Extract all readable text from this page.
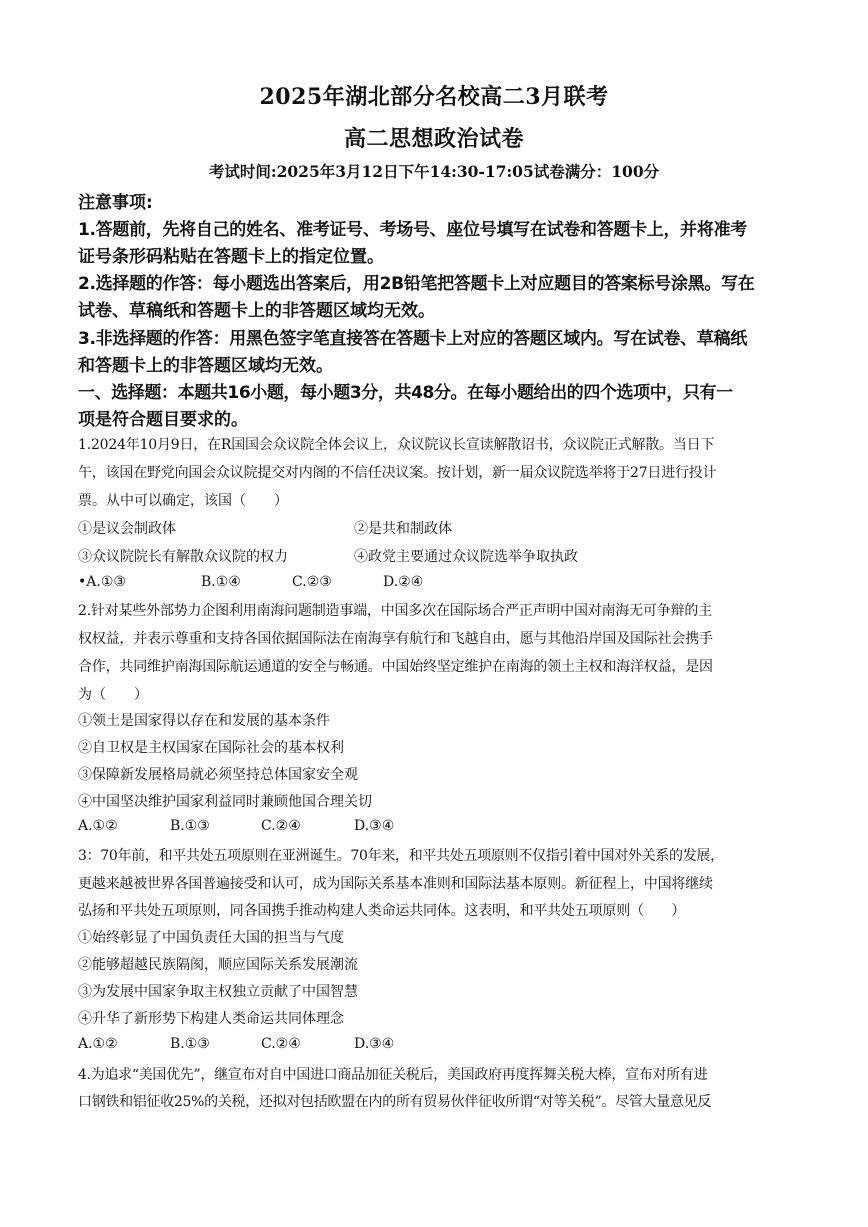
2025年湖北部分名校高二3月联考
高二思想政治试卷
考试时间:2025年3月12日下午14:30-17:05试卷满分：100分
注意事项:
1.答题前，先将自己的姓名、准考证号、考场号、座位号填写在试卷和答题卡上，并将准考
证号条形码粘贴在答题卡上的指定位置。
2.选择题的作答：每小题选出答案后，用2B铅笔把答题卡上对应题目的答案标号涂黑。写在
试卷、草稿纸和答题卡上的非答题区域均无效。
3.非选择题的作答：用黑色签字笔直接答在答题卡上对应的答题区域内。写在试卷、草稿纸
和答题卡上的非答题区域均无效。
一、选择题：本题共16小题，每小题3分，共48分。在每小题给出的四个选项中，只有一
项是符合题目要求的。
1.2024年10月9日，在R国国会众议院全体会议上，众议院议长宣读解散诏书，众议院正式解散。当日下
午，该国在野党向国会众议院提交对内阁的不信任决议案。按计划，新一届众议院选举将于27日进行投计
票。从中可以确定，该国（　　）
①是议会制政体	②是共和制政体
③众议院院长有解散众议院的权力	④政党主要通过众议院选举争取执政
•A.①③	B.①④	C.②③	D.②④
2.针对某些外部势力企图利用南海问题制造事端，中国多次在国际场合严正声明中国对南海无可争辩的主
权权益，并表示尊重和支持各国依据国际法在南海享有航行和飞越自由，愿与其他沿岸国及国际社会携手
合作，共同维护南海国际航运通道的安全与畅通。中国始终坚定维护在南海的领土主权和海洋权益，是因
为（　　）
①领土是国家得以存在和发展的基本条件
②自卫权是主权国家在国际社会的基本权利
③保障新发展格局就必须坚持总体国家安全观
④中国坚决维护国家利益同时兼顾他国合理关切
A.①②	B.①③	C.②④	D.③④
3：70年前，和平共处五项原则在亚洲诞生。70年来，和平共处五项原则不仅指引着中国对外关系的发展，
更越来越被世界各国普遍接受和认可，成为国际关系基本准则和国际法基本原则。新征程上，中国将继续
弘扬和平共处五项原则，同各国携手推动构建人类命运共同体。这表明，和平共处五项原则（　　）
①始终彰显了中国负责任大国的担当与气度
②能够超越民族隔阂，顺应国际关系发展潮流
③为发展中国家争取主权独立贡献了中国智慧
④升华了新形势下构建人类命运共同体理念
A.①②	B.①③	C.②④	D.③④
4.为追求“美国优先”，继宣布对自中国进口商品加征关税后，美国政府再度挥舞关税大棒，宣布对所有进
口钢铁和铝征收25%的关税，还拟对包括欧盟在内的所有贸易伙伴征收所谓“对等关税”。尽管大量意见反
